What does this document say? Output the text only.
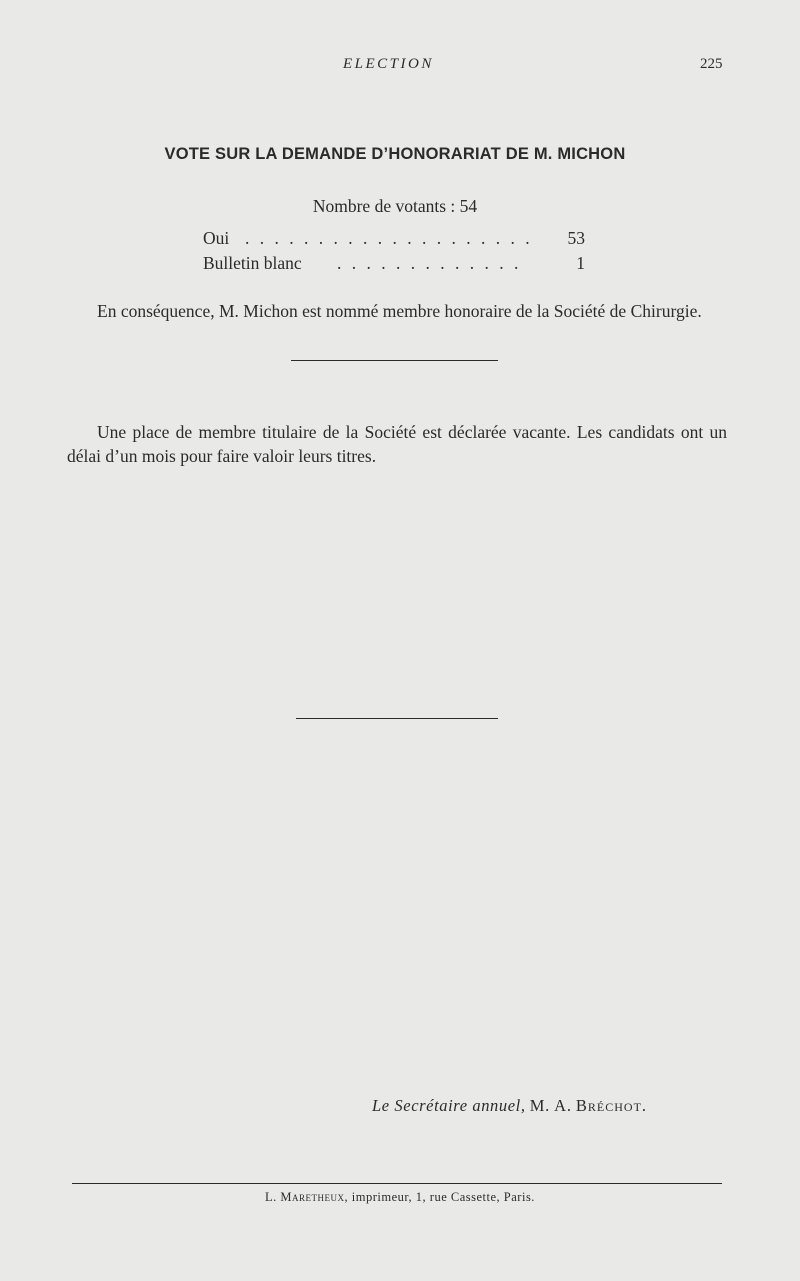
ELECTION	225
VOTE SUR LA DEMANDE D’HONORARIAT DE M. MICHON
Nombre de votants : 54
Oui . . . . . . . . . . . . . . . . . . . . 53
Bulletin blanc . . . . . . . . . . . . .	1

En conséquence, M. Michon est nommé membre honoraire de la Société de Chirurgie.

Une place de membre titulaire de la Société est déclarée vacante. Les candidats ont un délai d’un mois pour faire valoir leurs titres.

Le Secrétaire annuel, M. A. Bréchot.
L. Maretheux, imprimeur, 1, rue Cassette, Paris.
